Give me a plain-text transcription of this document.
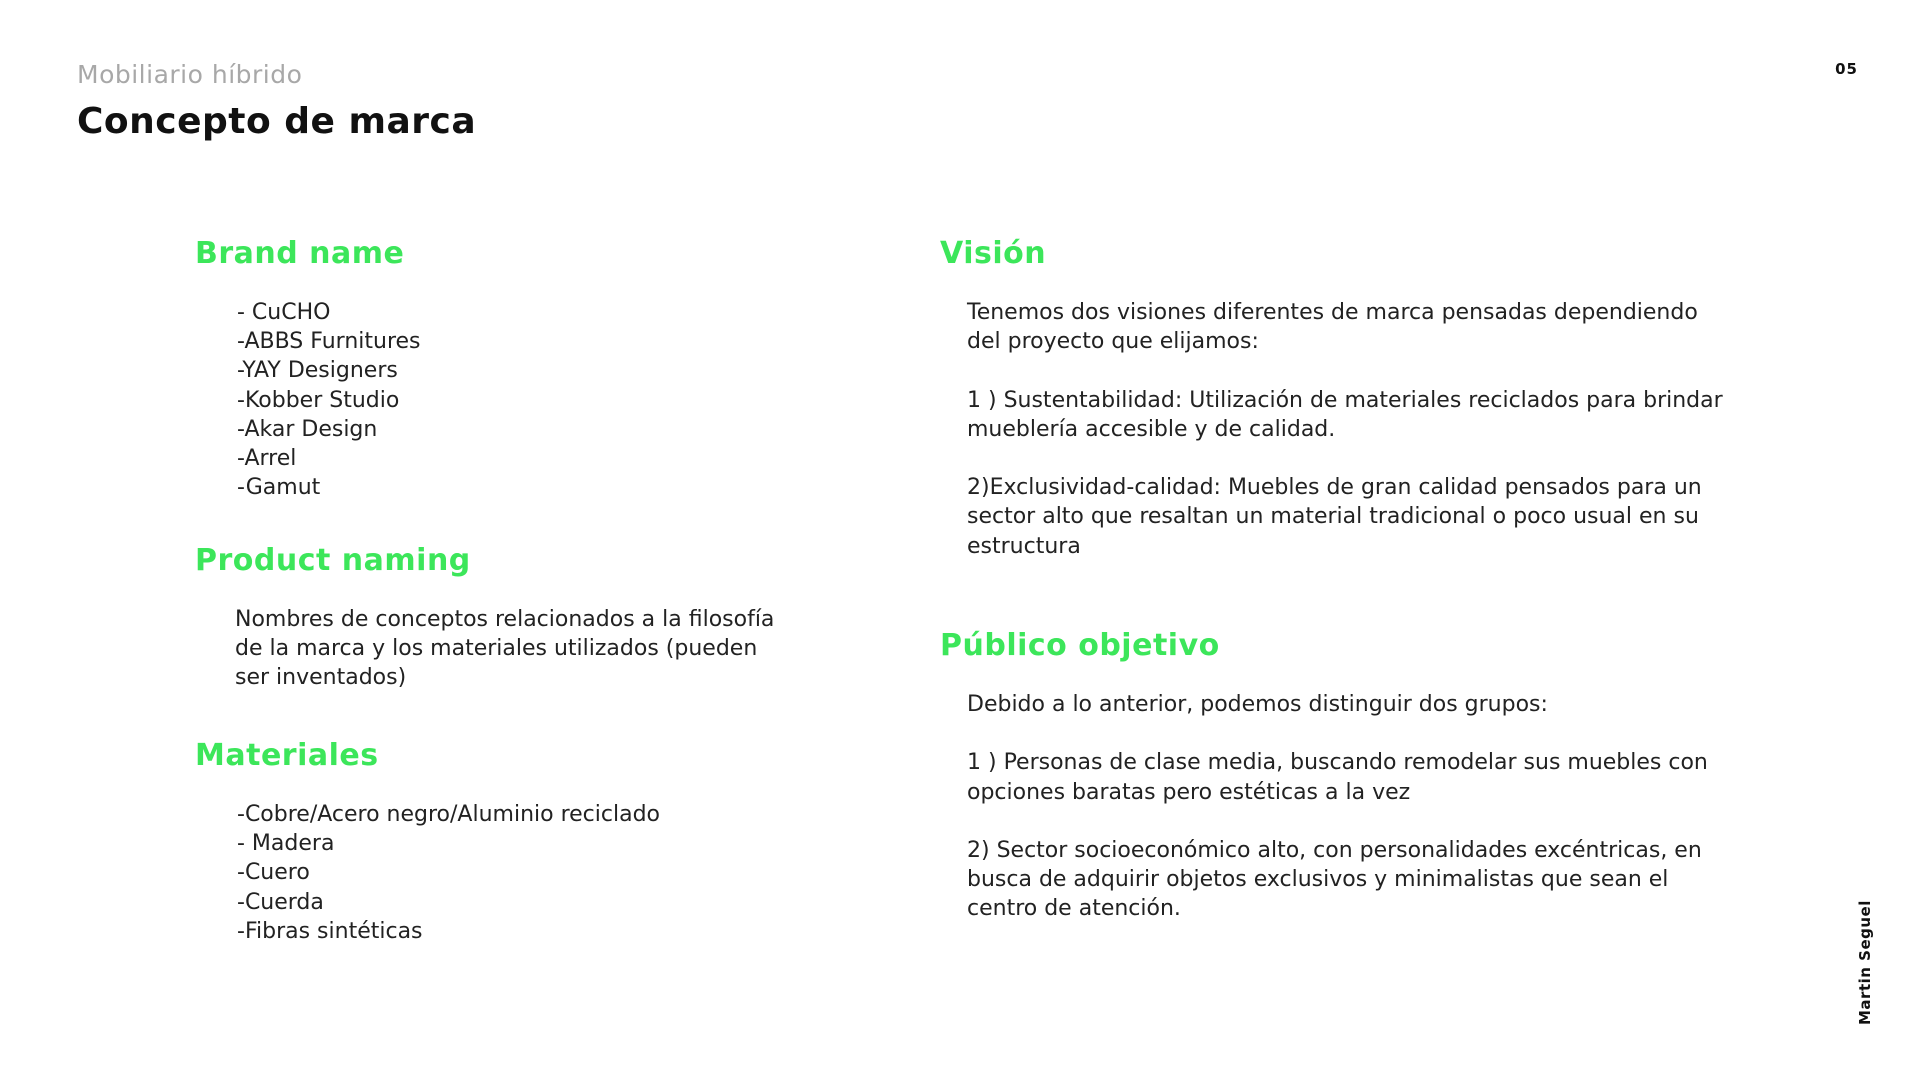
Mobiliario híbrido
Concepto de marca
05
Martin Seguel
Brand name
- CuCHO
-ABBS Furnitures
-YAY Designers
-Kobber Studio
-Akar Design
-Arrel
-Gamut
Product naming

Nombres de conceptos relacionados a la filosofía de la marca y los materiales utilizados (pueden ser inventados)

Materiales
-Cobre/Acero negro/Aluminio reciclado
- Madera
-Cuero
-Cuerda
-Fibras sintéticas
Visión

Tenemos dos visiones diferentes de marca pensadas dependiendo del proyecto que elijamos:

1 ) Sustentabilidad: Utilización de materiales reciclados para brindar mueblería accesible y de calidad.

2)Exclusividad-calidad: Muebles de gran calidad pensados para un sector alto que resaltan un material tradicional o poco usual en su estructura

Público objetivo

Debido a lo anterior, podemos distinguir dos grupos:

1 ) Personas de clase media, buscando remodelar sus muebles con opciones baratas pero estéticas a la vez

2) Sector socioeconómico alto, con personalidades excéntricas, en busca de adquirir objetos exclusivos y minimalistas que sean el centro de atención.
